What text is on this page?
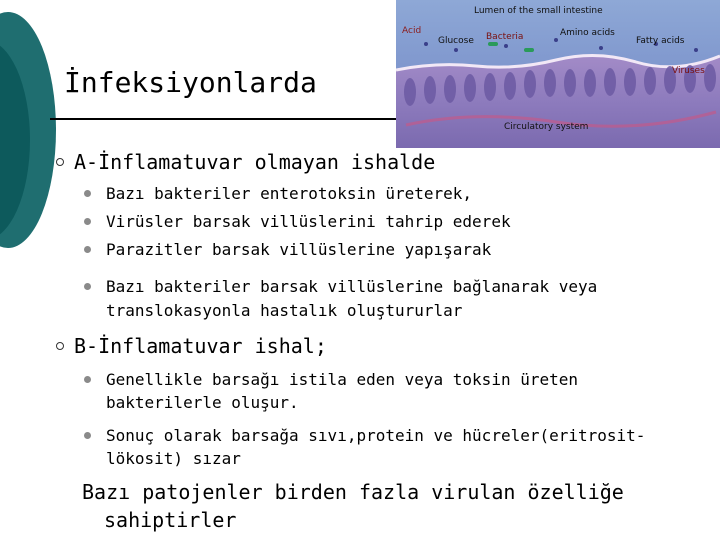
İnfeksiyonlarda
Lumen of the small intestine
Acid
Glucose Bacteria	Amino acids
Fatty acids
Viruses
Circulatory system
A-İnflamatuvar olmayan ishalde
Bazı bakteriler enterotoksin üreterek,
Virüsler barsak villüslerini tahrip ederek
Parazitler barsak villüslerine yapışarak
Bazı bakteriler barsak villüslerine bağlanarak veya
translokasyonla hastalık oluştururlar
B-İnflamatuvar ishal;
Genellikle barsağı istila eden veya toksin üreten
bakterilerle oluşur.
Sonuç olarak barsağa sıvı,protein ve hücreler(eritrosit-
lökosit) sızar
Bazı patojenler birden fazla virulan özelliğe
sahiptirler
